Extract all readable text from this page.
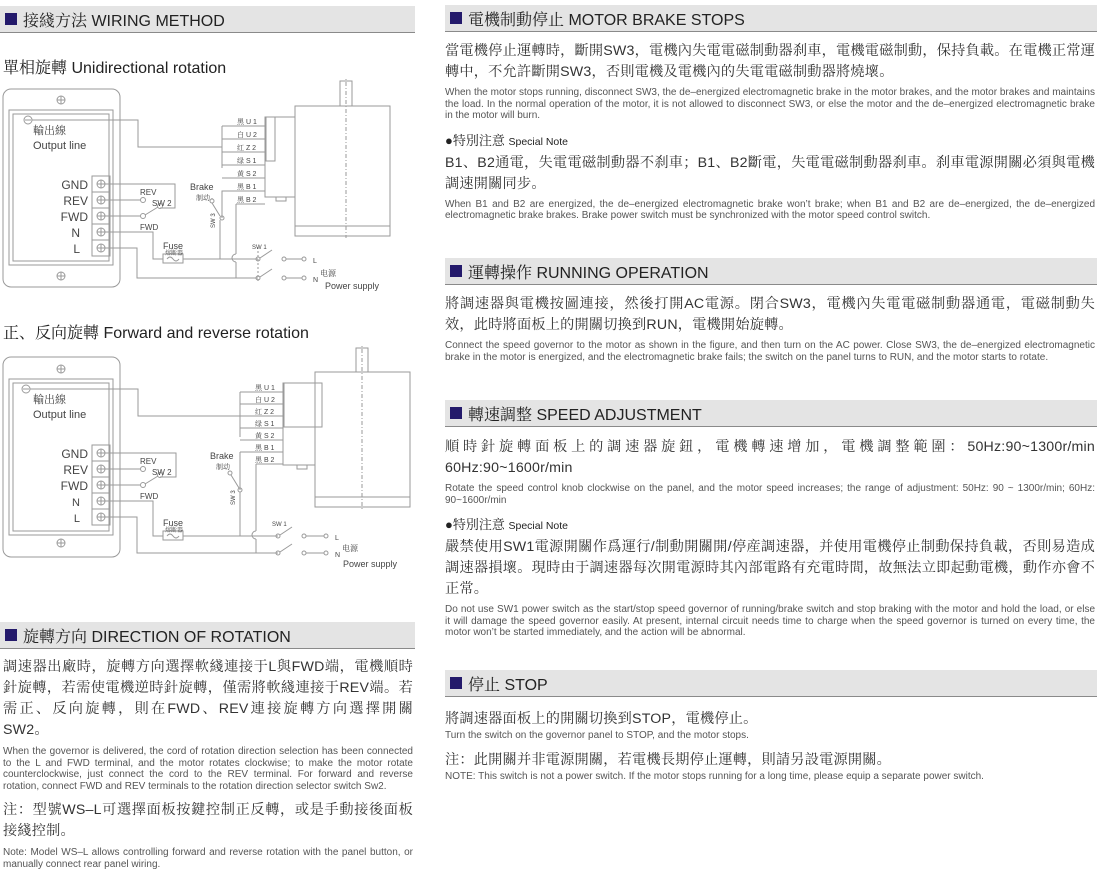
接綫方法 WIRING METHOD

單相旋轉 Unidirectional rotation

輸出線
Output line
GND
REV
FWD
N
L
REV
SW 2
FWD
Brake
制动
SW 3
Fuse
熔断器
SW 1
L
N
电源
Power supply
黑 U 1
白 U 2
红 Z 2
绿 S 1
黄 S 2
黑 B 1
黑 B 2

正、反向旋轉 Forward and reverse rotation

輸出線
Output line
GND
REV
FWD
N
L
REV
SW 2
FWD
Brake
制动
SW 3
Fuse
熔断器
SW 1
L
N
电源
Power supply
黑 U 1
白 U 2
红 Z 2
绿 S 1
黄 S 2
黑 B 1
黑 B 2
旋轉方向 DIRECTION OF ROTATION

調速器出廠時，旋轉方向選擇軟綫連接于L與FWD端，電機順時針旋轉，若需使電機逆時針旋轉，僅需將軟綫連接于REV端。若需正、反向旋轉，則在FWD、REV連接旋轉方向選擇開關SW2。

When the governor is delivered, the cord of rotation direction selection has been connected to the L and FWD terminal, and the motor rotates clockwise; to make the motor rotate counterclockwise, just connect the cord to the REV terminal. For forward and reverse rotation, connect FWD and REV terminals to the rotation direction selector switch Sw2.

注：型號WS–L可選擇面板按鍵控制正反轉，或是手動接後面板接綫控制。

Note: Model WS–L allows controlling forward and reverse rotation with the panel button, or manually connect rear panel wiring.

電機制動停止 MOTOR BRAKE STOPS

當電機停止運轉時，斷開SW3，電機內失電電磁制動器刹車，電機電磁制動，保持負載。在電機正常運轉中，不允許斷開SW3，否則電機及電機內的失電電磁制動器將燒壞。

When the motor stops running, disconnect SW3, the de–energized electromagnetic brake in the motor brakes, and the motor brakes and maintains the load. In the normal operation of the motor, it is not allowed to disconnect SW3, or else the motor and the de–energized electromagnetic brake in the motor will burn.

●特別注意 Special Note

B1、B2通電，失電電磁制動器不刹車；B1、B2斷電，失電電磁制動器刹車。刹車電源開關必須與電機調速開關同步。

When B1 and B2 are energized, the de–energized electromagnetic brake won’t brake; when B1 and B2 are de–energized, the de–energized electromagnetic brake brakes. Brake power switch must be synchronized with the motor speed control switch.

運轉操作 RUNNING OPERATION

將調速器與電機按圖連接，然後打開AC電源。閉合SW3，電機內失電電磁制動器通電，電磁制動失效，此時將面板上的開關切換到RUN，電機開始旋轉。

Connect the speed governor to the motor as shown in the figure, and then turn on the AC power. Close SW3, the de–energized electromagnetic brake in the motor is energized, and the electromagnetic brake fails; the switch on the panel turns to RUN, and the motor starts to rotate.

轉速調整 SPEED ADJUSTMENT

順時針旋轉面板上的調速器旋鈕，電機轉速增加，電機調整範圍：50Hz:90~1300r/min 60Hz:90~1600r/min

Rotate the speed control knob clockwise on the panel, and the motor speed increases; the range of adjustment: 50Hz: 90 ~ 1300r/min; 60Hz: 90~1600r/min

●特別注意 Special Note

嚴禁使用SW1電源開關作爲運行/制動開關開/停産調速器，并使用電機停止制動保持負載，否則易造成調速器損壞。現時由于調速器每次開電源時其內部電路有充電時間，故無法立即起動電機，動作亦會不正常。

Do not use SW1 power switch as the start/stop speed governor of running/brake switch and stop braking with the motor and hold the load, or else it will damage the speed governor easily. At present, internal circuit needs time to charge when the speed governor is turned on every time, the motor won’t be started immediately, and the action will be abnormal.

停止 STOP

將調速器面板上的開關切換到STOP，電機停止。

Turn the switch on the governor panel to STOP, and the motor stops.

注：此開關并非電源開關，若電機長期停止運轉，則請另設電源開關。

NOTE: This switch is not a power switch. If the motor stops running for a long time, please equip a separate power switch.
